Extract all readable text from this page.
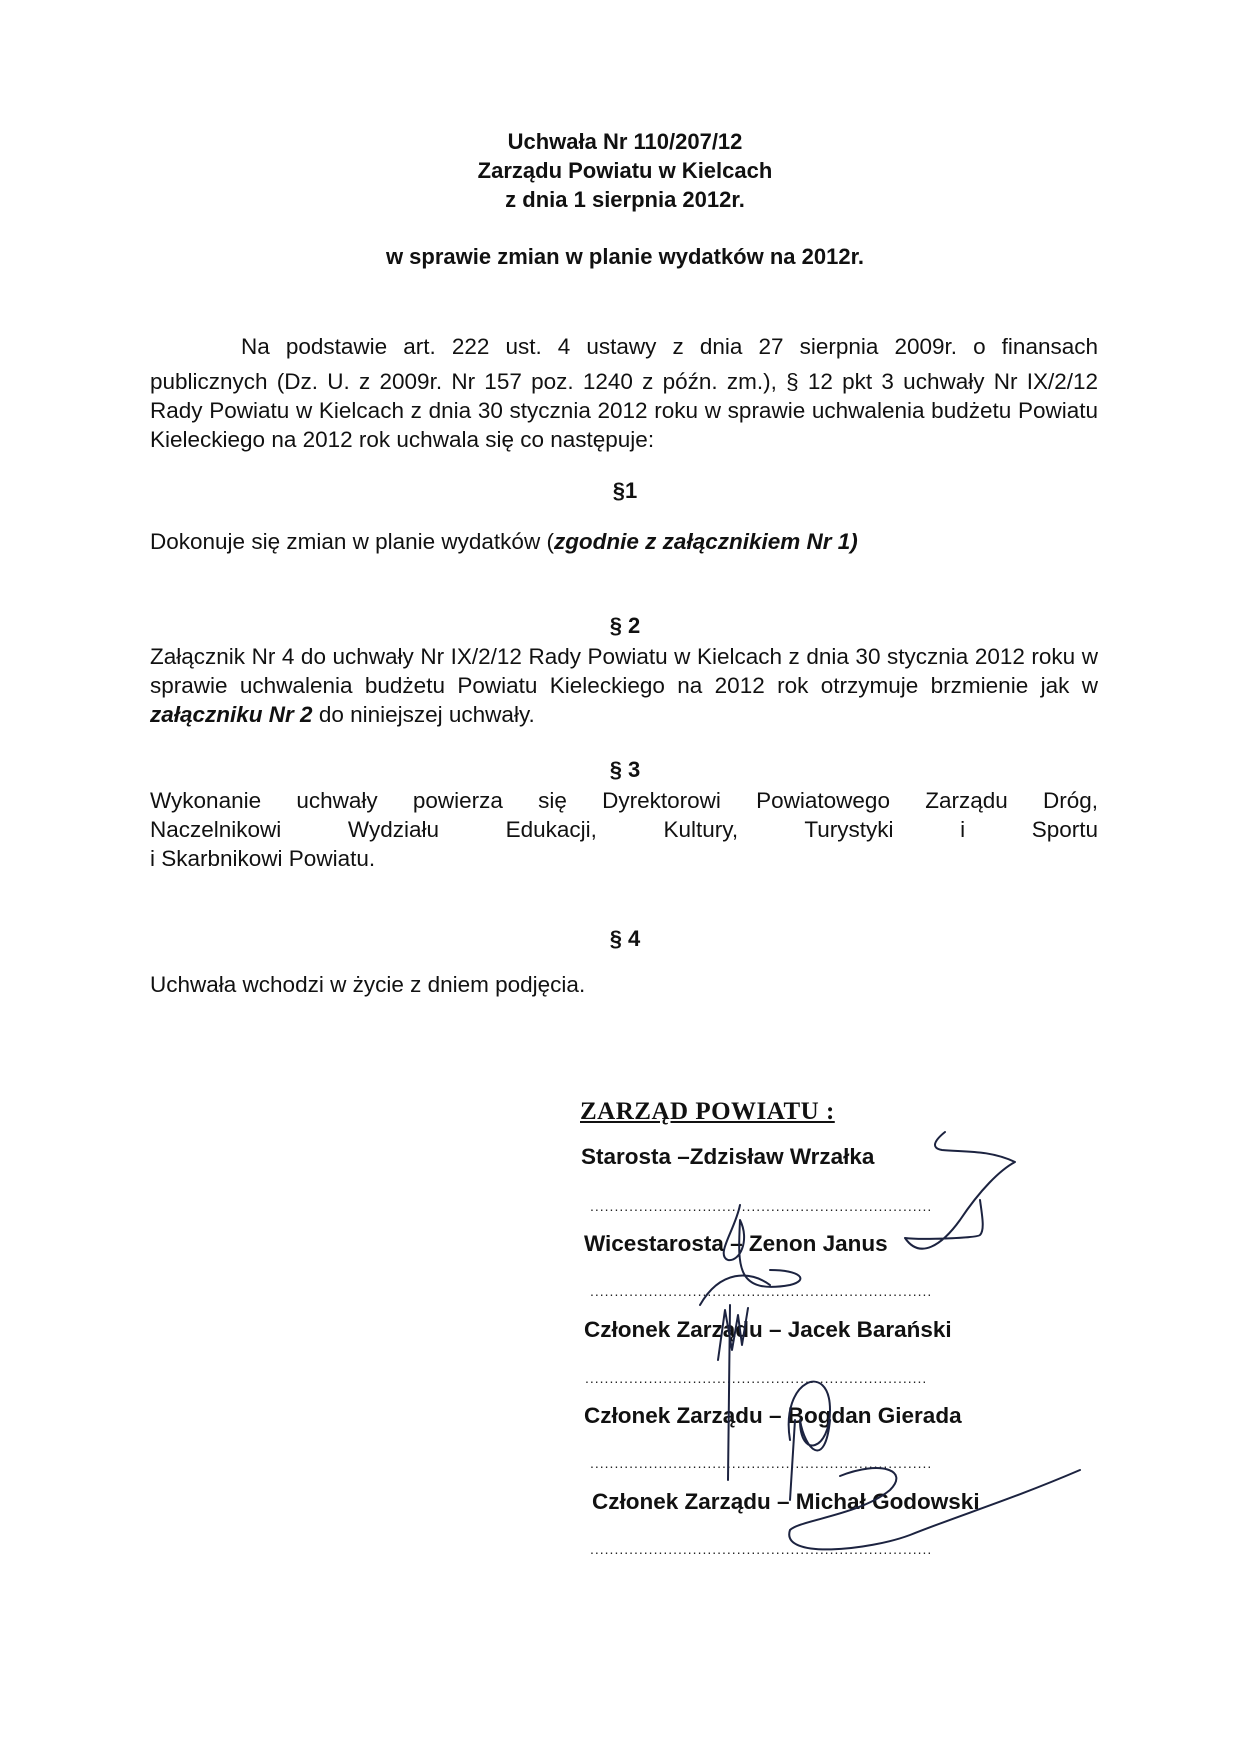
Uchwała Nr 110/207/12
Zarządu Powiatu w Kielcach
z dnia 1 sierpnia 2012r.
w sprawie zmian w planie wydatków na 2012r.
Na podstawie art. 222 ust. 4 ustawy z dnia 27 sierpnia 2009r. o finansach
publicznych (Dz. U. z 2009r. Nr 157 poz. 1240 z późn. zm.), § 12 pkt 3 uchwały Nr IX/2/12 Rady Powiatu w Kielcach z dnia 30 stycznia 2012 roku w sprawie uchwalenia budżetu Powiatu Kieleckiego na 2012 rok uchwala się co następuje:
§1
Dokonuje się zmian w planie wydatków (zgodnie z załącznikiem Nr 1)
§ 2
Załącznik Nr 4 do uchwały Nr IX/2/12 Rady Powiatu w Kielcach z dnia 30 stycznia 2012 roku w sprawie uchwalenia budżetu Powiatu Kieleckiego na 2012 rok otrzymuje brzmienie jak w załączniku Nr 2 do niniejszej uchwały.
§ 3
Wykonanie uchwały powierza się Dyrektorowi Powiatowego Zarządu Dróg,
Naczelnikowi Wydziału Edukacji, Kultury, Turystyki i Sportu
i Skarbnikowi Powiatu.
§ 4
Uchwała wchodzi w życie z dniem podjęcia.
ZARZĄD POWIATU :
Starosta –Zdzisław Wrzałka
......................................................................
Wicestarosta – Zenon Janus
......................................................................
Członek Zarządu – Jacek Barański
......................................................................
Członek Zarządu – Bogdan Gierada
......................................................................
Członek Zarządu – Michał Godowski
......................................................................
